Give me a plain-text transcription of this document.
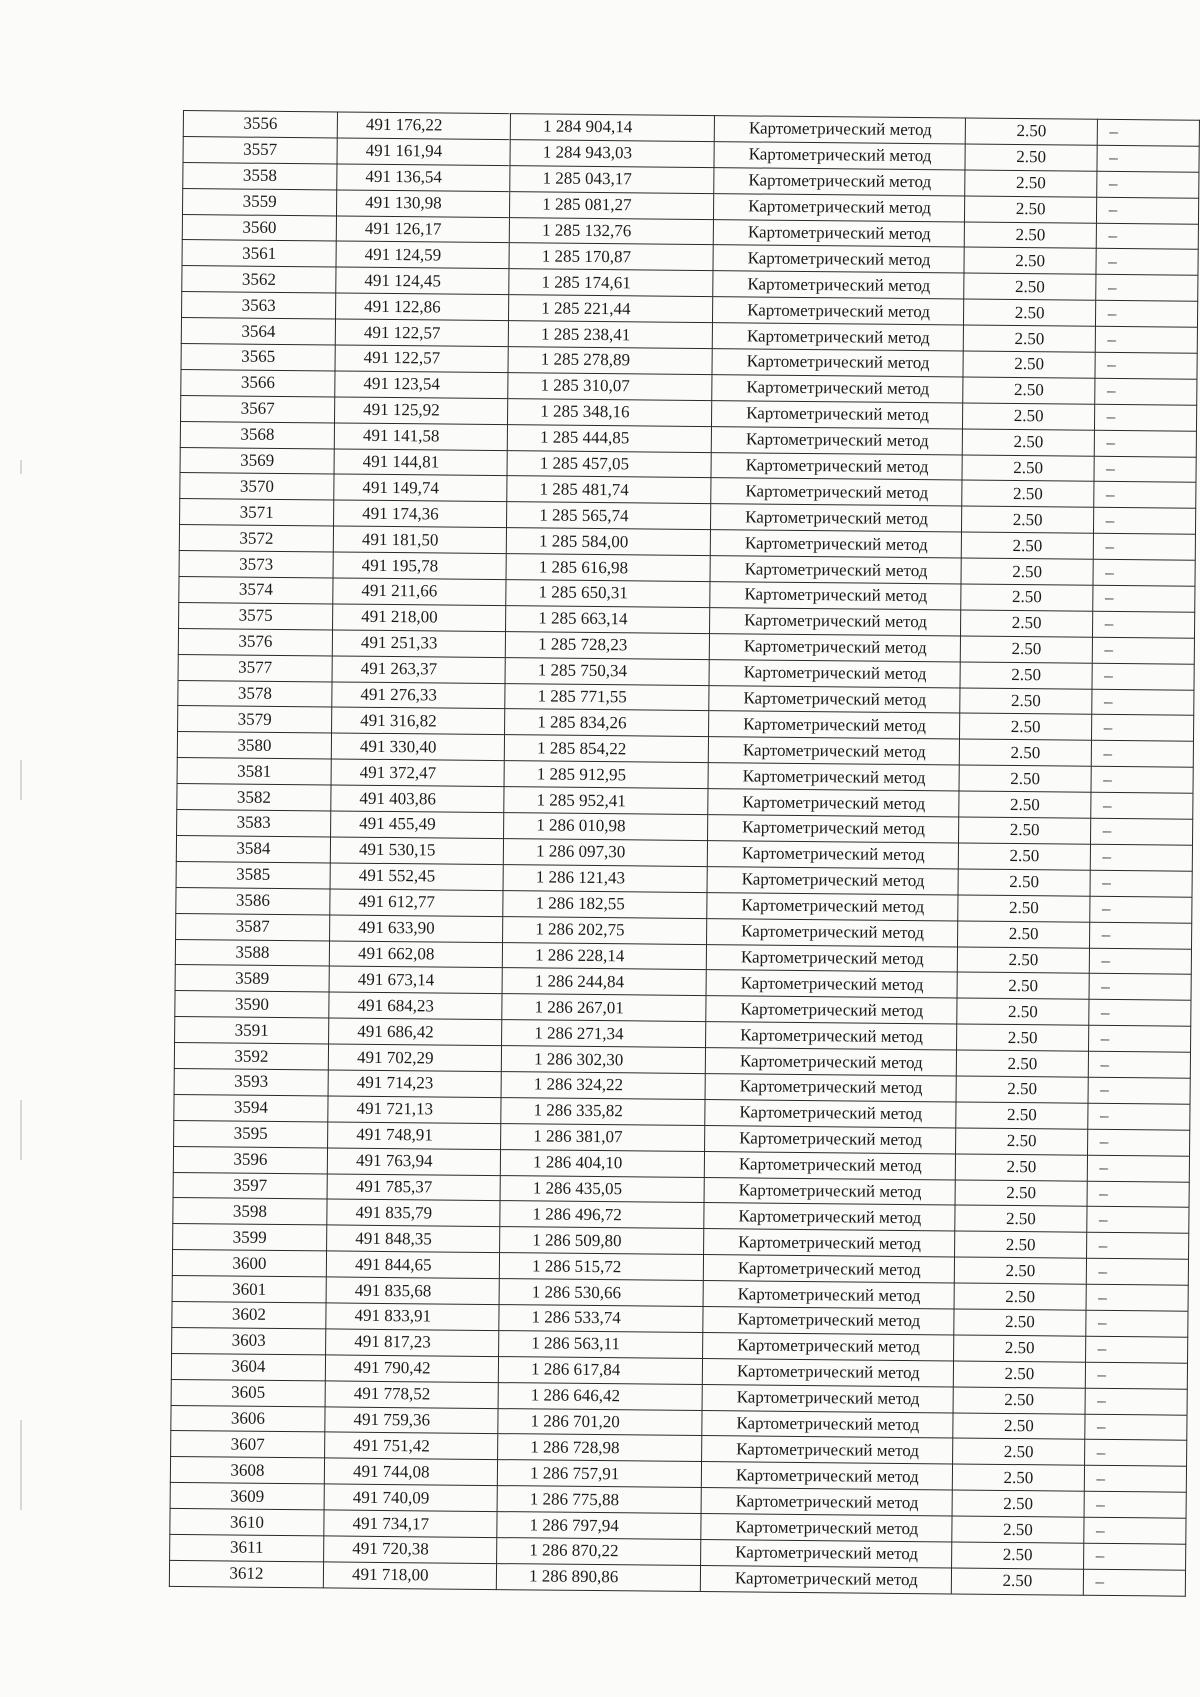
3556	491 176,22	1 284 904,14	Картометрический метод	2.50	–
3557	491 161,94	1 284 943,03	Картометрический метод	2.50	–
3558	491 136,54	1 285 043,17	Картометрический метод	2.50	–
3559	491 130,98	1 285 081,27	Картометрический метод	2.50	–
3560	491 126,17	1 285 132,76	Картометрический метод	2.50	–
3561	491 124,59	1 285 170,87	Картометрический метод	2.50	–
3562	491 124,45	1 285 174,61	Картометрический метод	2.50	–
3563	491 122,86	1 285 221,44	Картометрический метод	2.50	–
3564	491 122,57	1 285 238,41	Картометрический метод	2.50	–
3565	491 122,57	1 285 278,89	Картометрический метод	2.50	–
3566	491 123,54	1 285 310,07	Картометрический метод	2.50	–
3567	491 125,92	1 285 348,16	Картометрический метод	2.50	–
3568	491 141,58	1 285 444,85	Картометрический метод	2.50	–
3569	491 144,81	1 285 457,05	Картометрический метод	2.50	–
3570	491 149,74	1 285 481,74	Картометрический метод	2.50	–
3571	491 174,36	1 285 565,74	Картометрический метод	2.50	–
3572	491 181,50	1 285 584,00	Картометрический метод	2.50	–
3573	491 195,78	1 285 616,98	Картометрический метод	2.50	–
3574	491 211,66	1 285 650,31	Картометрический метод	2.50	–
3575	491 218,00	1 285 663,14	Картометрический метод	2.50	–
3576	491 251,33	1 285 728,23	Картометрический метод	2.50	–
3577	491 263,37	1 285 750,34	Картометрический метод	2.50	–
3578	491 276,33	1 285 771,55	Картометрический метод	2.50	–
3579	491 316,82	1 285 834,26	Картометрический метод	2.50	–
3580	491 330,40	1 285 854,22	Картометрический метод	2.50	–
3581	491 372,47	1 285 912,95	Картометрический метод	2.50	–
3582	491 403,86	1 285 952,41	Картометрический метод	2.50	–
3583	491 455,49	1 286 010,98	Картометрический метод	2.50	–
3584	491 530,15	1 286 097,30	Картометрический метод	2.50	–
3585	491 552,45	1 286 121,43	Картометрический метод	2.50	–
3586	491 612,77	1 286 182,55	Картометрический метод	2.50	–
3587	491 633,90	1 286 202,75	Картометрический метод	2.50	–
3588	491 662,08	1 286 228,14	Картометрический метод	2.50	–
3589	491 673,14	1 286 244,84	Картометрический метод	2.50	–
3590	491 684,23	1 286 267,01	Картометрический метод	2.50	–
3591	491 686,42	1 286 271,34	Картометрический метод	2.50	–
3592	491 702,29	1 286 302,30	Картометрический метод	2.50	–
3593	491 714,23	1 286 324,22	Картометрический метод	2.50	–
3594	491 721,13	1 286 335,82	Картометрический метод	2.50	–
3595	491 748,91	1 286 381,07	Картометрический метод	2.50	–
3596	491 763,94	1 286 404,10	Картометрический метод	2.50	–
3597	491 785,37	1 286 435,05	Картометрический метод	2.50	–
3598	491 835,79	1 286 496,72	Картометрический метод	2.50	–
3599	491 848,35	1 286 509,80	Картометрический метод	2.50	–
3600	491 844,65	1 286 515,72	Картометрический метод	2.50	–
3601	491 835,68	1 286 530,66	Картометрический метод	2.50	–
3602	491 833,91	1 286 533,74	Картометрический метод	2.50	–
3603	491 817,23	1 286 563,11	Картометрический метод	2.50	–
3604	491 790,42	1 286 617,84	Картометрический метод	2.50	–
3605	491 778,52	1 286 646,42	Картометрический метод	2.50	–
3606	491 759,36	1 286 701,20	Картометрический метод	2.50	–
3607	491 751,42	1 286 728,98	Картометрический метод	2.50	–
3608	491 744,08	1 286 757,91	Картометрический метод	2.50	–
3609	491 740,09	1 286 775,88	Картометрический метод	2.50	–
3610	491 734,17	1 286 797,94	Картометрический метод	2.50	–
3611	491 720,38	1 286 870,22	Картометрический метод	2.50	–
3612	491 718,00	1 286 890,86	Картометрический метод	2.50	–
